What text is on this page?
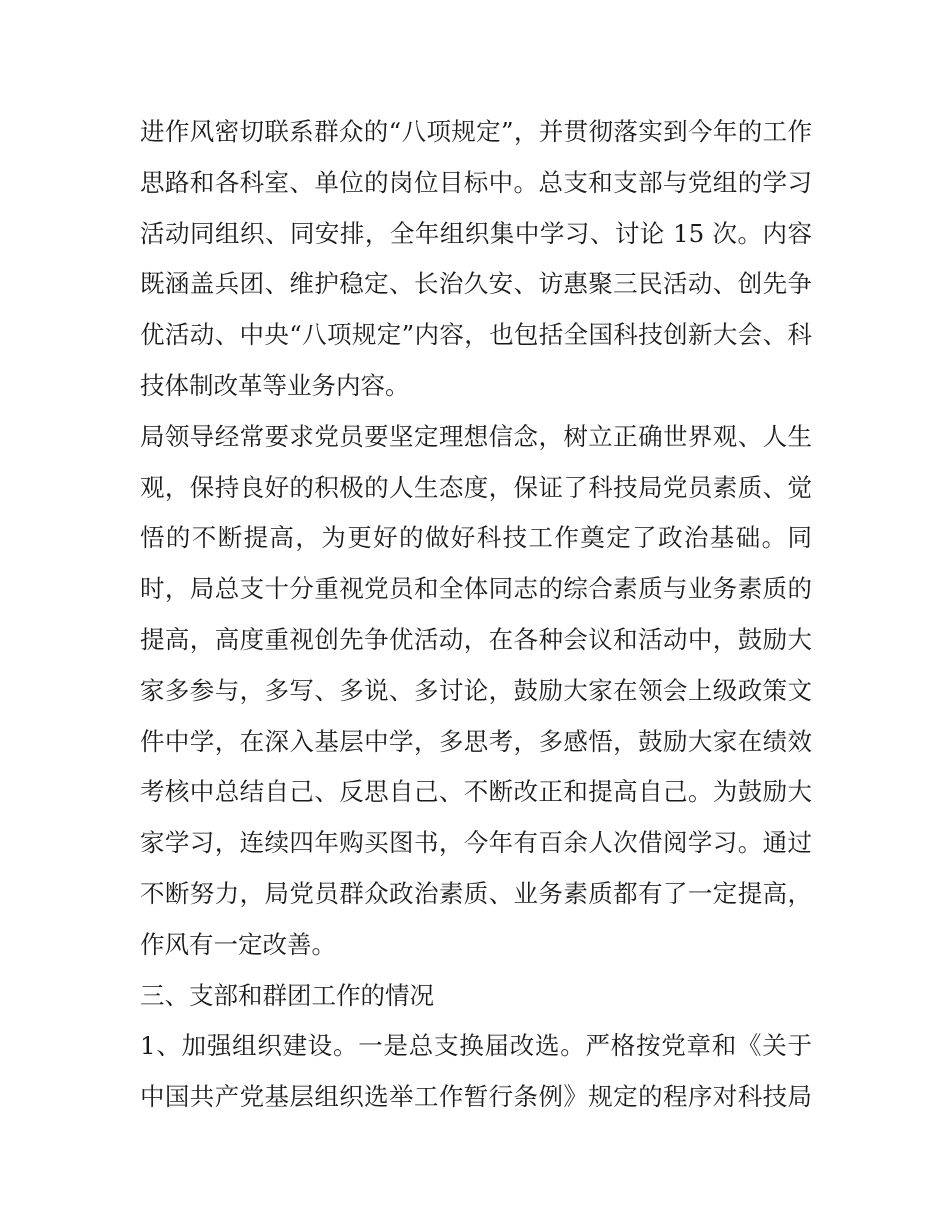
进作风密切联系群众的“八项规定”，并贯彻落实到今年的工作
思路和各科室、单位的岗位目标中。总支和支部与党组的学习
活动同组织、同安排，全年组织集中学习、讨论 15 次。内容
既涵盖兵团、维护稳定、长治久安、访惠聚三民活动、创先争
优活动、中央“八项规定”内容，也包括全国科技创新大会、科
技体制改革等业务内容。
局领导经常要求党员要坚定理想信念，树立正确世界观、人生
观，保持良好的积极的人生态度，保证了科技局党员素质、觉
悟的不断提高，为更好的做好科技工作奠定了政治基础。同
时，局总支十分重视党员和全体同志的综合素质与业务素质的
提高，高度重视创先争优活动，在各种会议和活动中，鼓励大
家多参与，多写、多说、多讨论，鼓励大家在领会上级政策文
件中学，在深入基层中学，多思考，多感悟，鼓励大家在绩效
考核中总结自己、反思自己、不断改正和提高自己。为鼓励大
家学习，连续四年购买图书，今年有百余人次借阅学习。通过
不断努力，局党员群众政治素质、业务素质都有了一定提高，
作风有一定改善。
三、支部和群团工作的情况
1、加强组织建设。一是总支换届改选。严格按党章和《关于
中国共产党基层组织选举工作暂行条例》规定的程序对科技局
